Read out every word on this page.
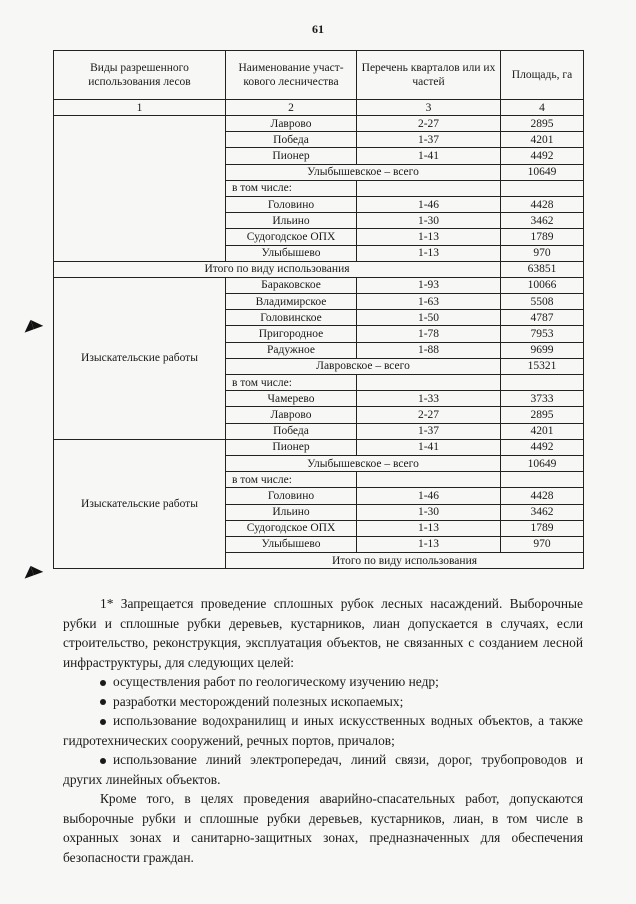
61
◢◣
◢◣
Виды разрешенного использования лесов	Наименование участ-кового лесничества	Перечень кварталов или их частей	Площадь, га	
1	2	3	4	
	Лаврово	2-27	2895	
	Победа	1-37	4201	
	Пионер	1-41	4492	
	Улыбышевское – всего		10649	
	в том числе:			
	Головино	1-46	4428	
	Ильино	1-30	3462	
	Судогодское ОПХ	1-13	1789	
	Улыбышево	1-13	970	
Итого по виду использования			63851	
Изыскательские работы	Бараковское	1-93	10066	
	Владимирское	1-63	5508	
	Головинское	1-50	4787	
	Пригородное	1-78	7953	
	Радужное	1-88	9699	
	Лавровское – всего		15321	
	в том числе:			
	Чамерево	1-33	3733	
	Лаврово	2-27	2895	
	Победа	1-37	4201	
Изыскательские работы	Пионер	1-41	4492	
	Улыбышевское – всего		10649	
	в том числе:			
	Головино	1-46	4428	
	Ильино	1-30	3462	
	Судогодское ОПХ	1-13	1789	
	Улыбышево	1-13	970	
	Итого по виду использования	

1* Запрещается проведение сплошных рубок лесных насаждений. Выборочные рубки и сплошные рубки деревьев, кустарников, лиан допускается в случаях, если строительство, реконструкция, эксплуатация объектов, не связанных с созданием лесной инфраструктуры, для следующих целей:

осуществления работ по геологическому изучению недр;

разработки месторождений полезных ископаемых;

использование водохранилищ и иных искусственных водных объектов, а также гидротехнических сооружений, речных портов, причалов;

использование линий электропередач, линий связи, дорог, трубопроводов и других линейных объектов.

Кроме того, в целях проведения аварийно-спасательных работ, допускаются выборочные рубки и сплошные рубки деревьев, кустарников, лиан, в том числе в охранных зонах и санитарно-защитных зонах, предназначенных для обеспечения безопасности граждан.
